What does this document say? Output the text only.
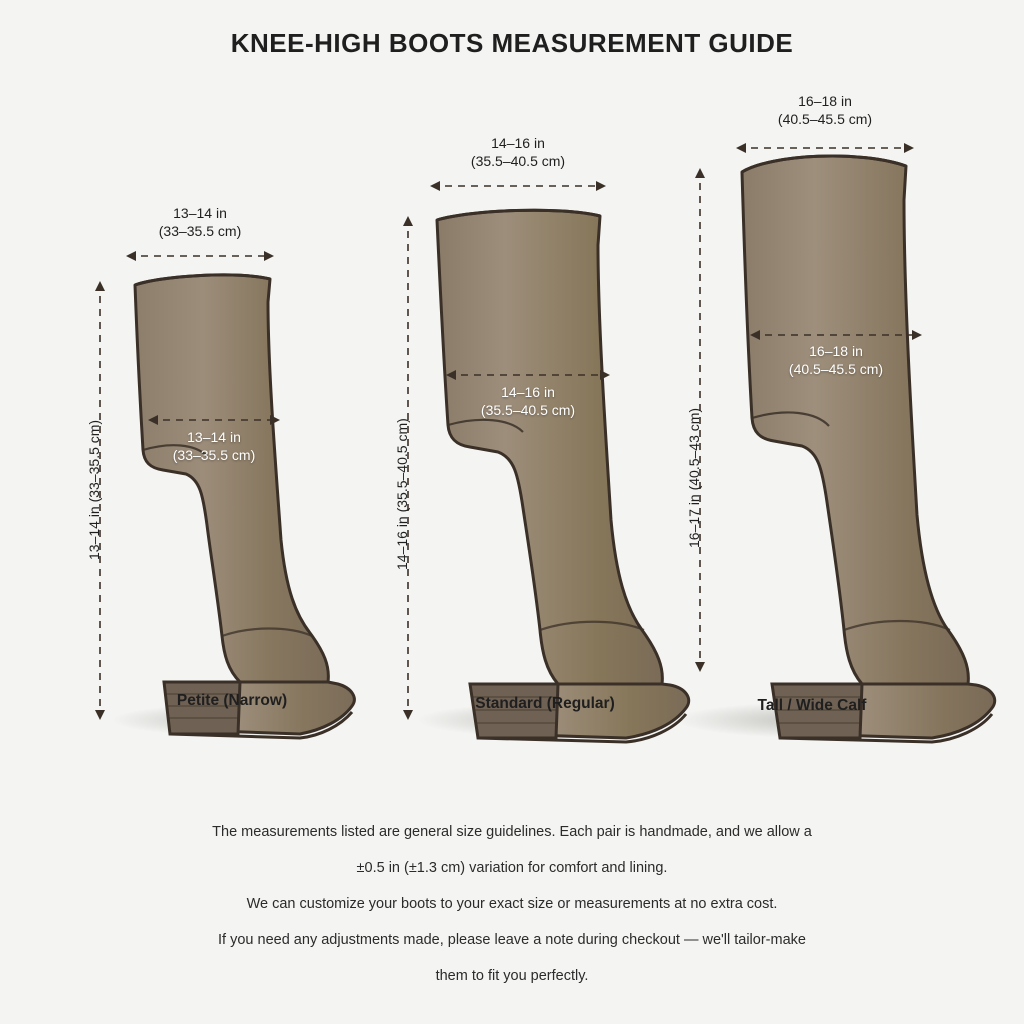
KNEE-HIGH BOOTS MEASUREMENT GUIDE
13–14 in
(33–35.5 cm)
13–14 in
(33–35.5 cm)
13–14 in (33–35.5 cm)
Petite (Narrow)
14–16 in
(35.5–40.5 cm)
14–16 in
(35.5–40.5 cm)
14–16 in (35.5–40.5 cm)
Standard (Regular)
16–18 in
(40.5–45.5 cm)
16–18 in
(40.5–45.5 cm)
16–17 in (40.5–43 cm)
Tall / Wide Calf

The measurements listed are general size guidelines. Each pair is handmade, and we allow a

±0.5 in (±1.3 cm) variation for comfort and lining.

We can customize your boots to your exact size or measurements at no extra cost.

If you need any adjustments made, please leave a note during checkout — we'll tailor-make

them to fit you perfectly.
